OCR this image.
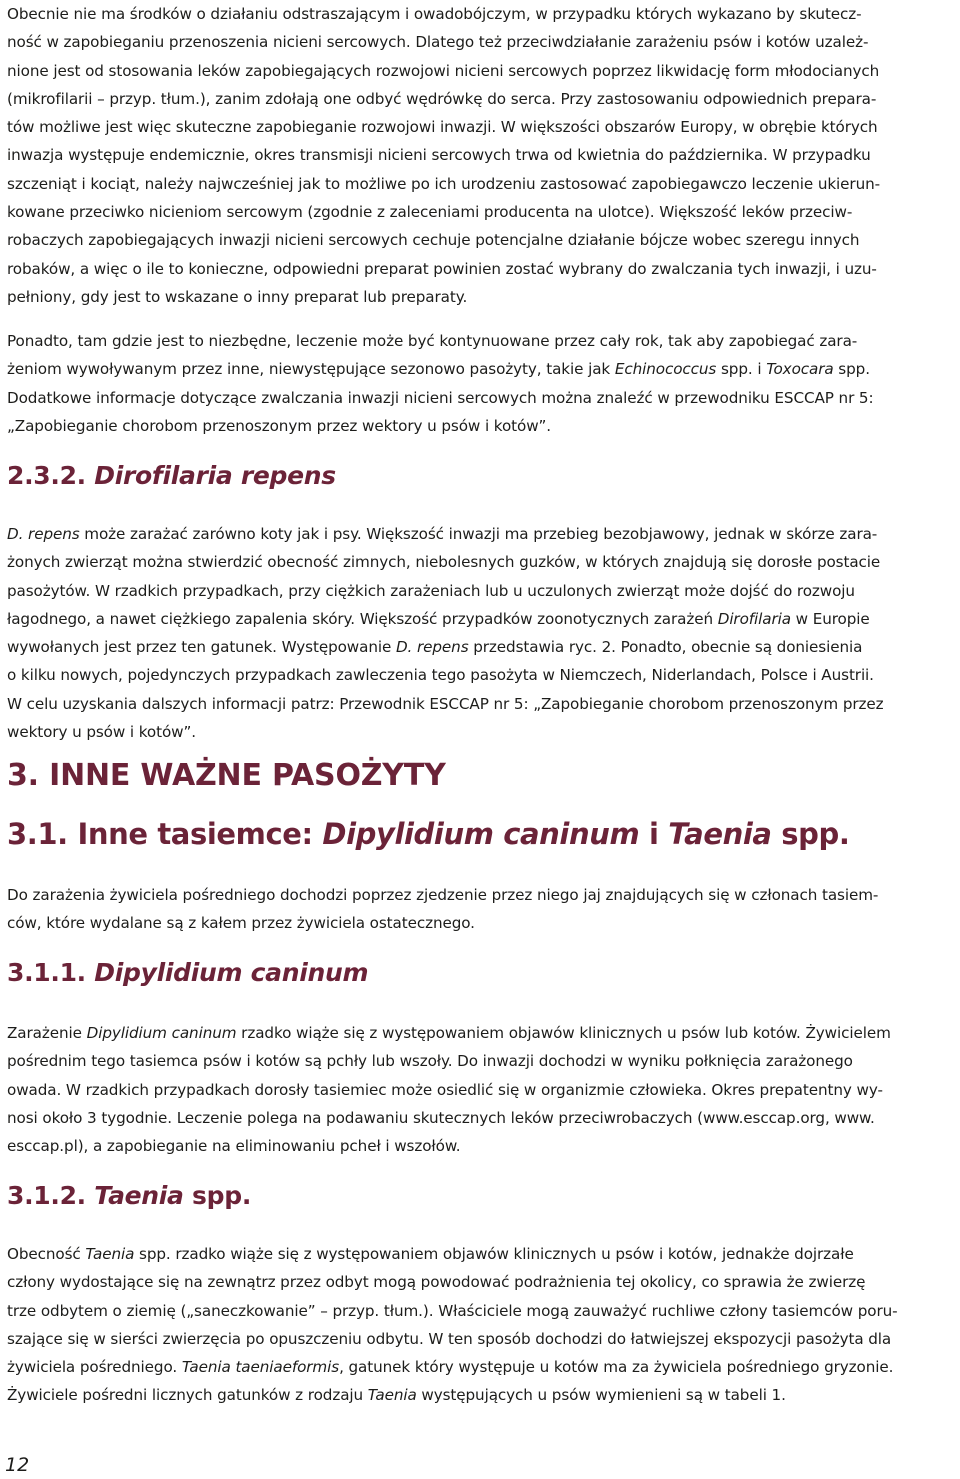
Obecnie nie ma środków o działaniu odstraszającym i owadobójczym, w przypadku których wykazano by skutecz-
ność w zapobieganiu przenoszenia nicieni sercowych. Dlatego też przeciwdziałanie zarażeniu psów i kotów uzależ-
nione jest od stosowania leków zapobiegających rozwojowi nicieni sercowych poprzez likwidację form młodocianych
(mikrofilarii – przyp. tłum.), zanim zdołają one odbyć wędrówkę do serca. Przy zastosowaniu odpowiednich prepara-
tów możliwe jest więc skuteczne zapobieganie rozwojowi inwazji. W większości obszarów Europy, w obrębie których
inwazja występuje endemicznie, okres transmisji nicieni sercowych trwa od kwietnia do października. W przypadku
szczeniąt i kociąt, należy najwcześniej jak to możliwe po ich urodzeniu zastosować zapobiegawczo leczenie ukierun-
kowane przeciwko nicieniom sercowym (zgodnie z zaleceniami producenta na ulotce). Większość leków przeciw-
robaczych zapobiegających inwazji nicieni sercowych cechuje potencjalne działanie bójcze wobec szeregu innych
robaków, a więc o ile to konieczne, odpowiedni preparat powinien zostać wybrany do zwalczania tych inwazji, i uzu-
pełniony, gdy jest to wskazane o inny preparat lub preparaty.
Ponadto, tam gdzie jest to niezbędne, leczenie może być kontynuowane przez cały rok, tak aby zapobiegać zara-
żeniom wywoływanym przez inne, niewystępujące sezonowo pasożyty, takie jak Echinococcus spp. i Toxocara spp.
Dodatkowe informacje dotyczące zwalczania inwazji nicieni sercowych można znaleźć w przewodniku ESCCAP nr 5:
„Zapobieganie chorobom przenoszonym przez wektory u psów i kotów”.
2.3.2. Dirofilaria repens
D. repens może zarażać zarówno koty jak i psy. Większość inwazji ma przebieg bezobjawowy, jednak w skórze zara-
żonych zwierząt można stwierdzić obecność zimnych, niebolesnych guzków, w których znajdują się dorosłe postacie
pasożytów. W rzadkich przypadkach, przy ciężkich zarażeniach lub u uczulonych zwierząt może dojść do rozwoju
łagodnego, a nawet ciężkiego zapalenia skóry. Większość przypadków zoonotycznych zarażeń Dirofilaria w Europie
wywołanych jest przez ten gatunek. Występowanie D. repens przedstawia ryc. 2. Ponadto, obecnie są doniesienia
o kilku nowych, pojedynczych przypadkach zawleczenia tego pasożyta w Niemczech, Niderlandach, Polsce i Austrii.
W celu uzyskania dalszych informacji patrz: Przewodnik ESCCAP nr 5: „Zapobieganie chorobom przenoszonym przez
wektory u psów i kotów”.
3. INNE WAŻNE PASOŻYTY
3.1. Inne tasiemce: Dipylidium caninum i Taenia spp.
Do zarażenia żywiciela pośredniego dochodzi poprzez zjedzenie przez niego jaj znajdujących się w członach tasiem-
ców, które wydalane są z kałem przez żywiciela ostatecznego.
3.1.1. Dipylidium caninum
Zarażenie Dipylidium caninum rzadko wiąże się z występowaniem objawów klinicznych u psów lub kotów. Żywicielem
pośrednim tego tasiemca psów i kotów są pchły lub wszoły. Do inwazji dochodzi w wyniku połknięcia zarażonego
owada. W rzadkich przypadkach dorosły tasiemiec może osiedlić się w organizmie człowieka. Okres prepatentny wy-
nosi około 3 tygodnie. Leczenie polega na podawaniu skutecznych leków przeciwrobaczych (www.esccap.org, www.
esccap.pl), a zapobieganie na eliminowaniu pcheł i wszołów.
3.1.2. Taenia spp.
Obecność Taenia spp. rzadko wiąże się z występowaniem objawów klinicznych u psów i kotów, jednakże dojrzałe
człony wydostające się na zewnątrz przez odbyt mogą powodować podrażnienia tej okolicy, co sprawia że zwierzę
trze odbytem o ziemię („saneczkowanie” – przyp. tłum.). Właściciele mogą zauważyć ruchliwe człony tasiemców poru-
szające się w sierści zwierzęcia po opuszczeniu odbytu. W ten sposób dochodzi do łatwiejszej ekspozycji pasożyta dla
żywiciela pośredniego. Taenia taeniaeformis, gatunek który występuje u kotów ma za żywiciela pośredniego gryzonie.
Żywiciele pośredni licznych gatunków z rodzaju Taenia występujących u psów wymienieni są w tabeli 1.
12
